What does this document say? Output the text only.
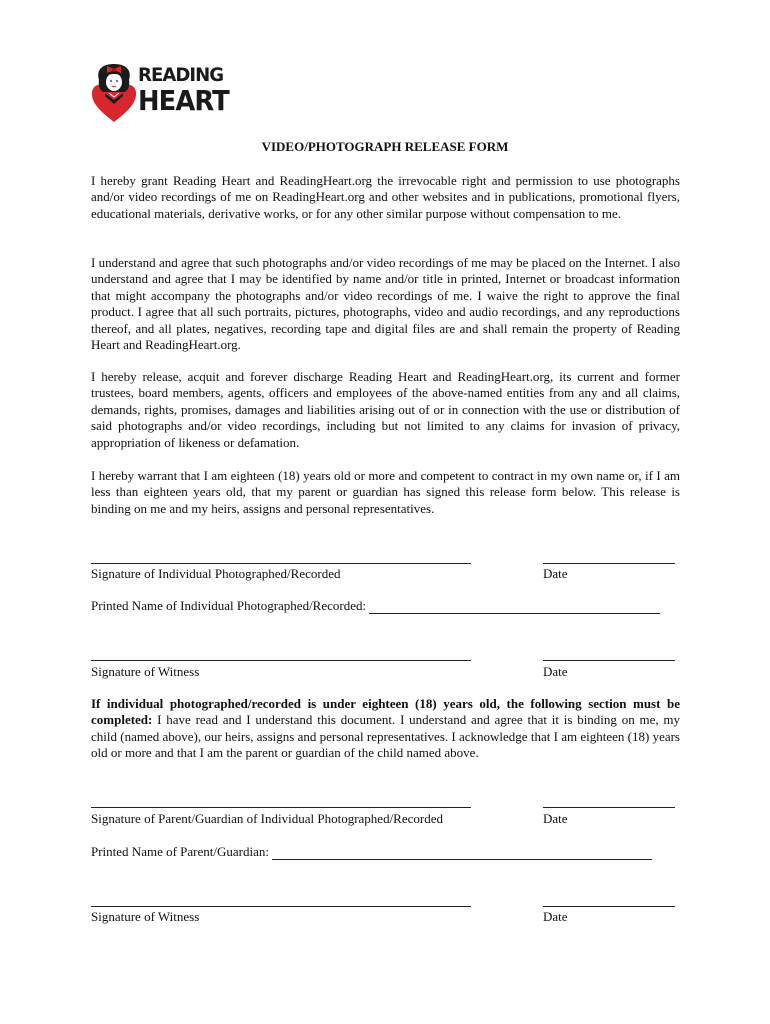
READING
HEART
VIDEO/PHOTOGRAPH RELEASE FORM

I hereby grant Reading Heart and ReadingHeart.org the irrevocable right and permission to use photographs and/or video recordings of me on ReadingHeart.org and other websites and in publications, promotional flyers, educational materials, derivative works, or for any other similar purpose without compensation to me.

I understand and agree that such photographs and/or video recordings of me may be placed on the Internet. I also understand and agree that I may be identified by name and/or title in printed, Internet or broadcast information that might accompany the photographs and/or video recordings of me. I waive the right to approve the final product. I agree that all such portraits, pictures, photographs, video and audio recordings, and any reproductions thereof, and all plates, negatives, recording tape and digital files are and shall remain the property of Reading Heart and ReadingHeart.org.

I hereby release, acquit and forever discharge Reading Heart and ReadingHeart.org, its current and former trustees, board members, agents, officers and employees of the above-named entities from any and all claims, demands, rights, promises, damages and liabilities arising out of or in connection with the use or distribution of said photographs and/or video recordings, including but not limited to any claims for invasion of privacy, appropriation of likeness or defamation.

I hereby warrant that I am eighteen (18) years old or more and competent to contract in my own name or, if I am less than eighteen years old, that my parent or guardian has signed this release form below. This release is binding on me and my heirs, assigns and personal representatives.

Signature of Individual Photographed/Recorded	Date
Printed Name of Individual Photographed/Recorded:
Signature of Witness	Date

If individual photographed/recorded is under eighteen (18) years old, the following section must be completed: I have read and I understand this document. I understand and agree that it is binding on me, my child (named above), our heirs, assigns and personal representatives. I acknowledge that I am eighteen (18) years old or more and that I am the parent or guardian of the child named above.

Signature of Parent/Guardian of Individual Photographed/Recorded	Date
Printed Name of Parent/Guardian:
Signature of Witness	Date
